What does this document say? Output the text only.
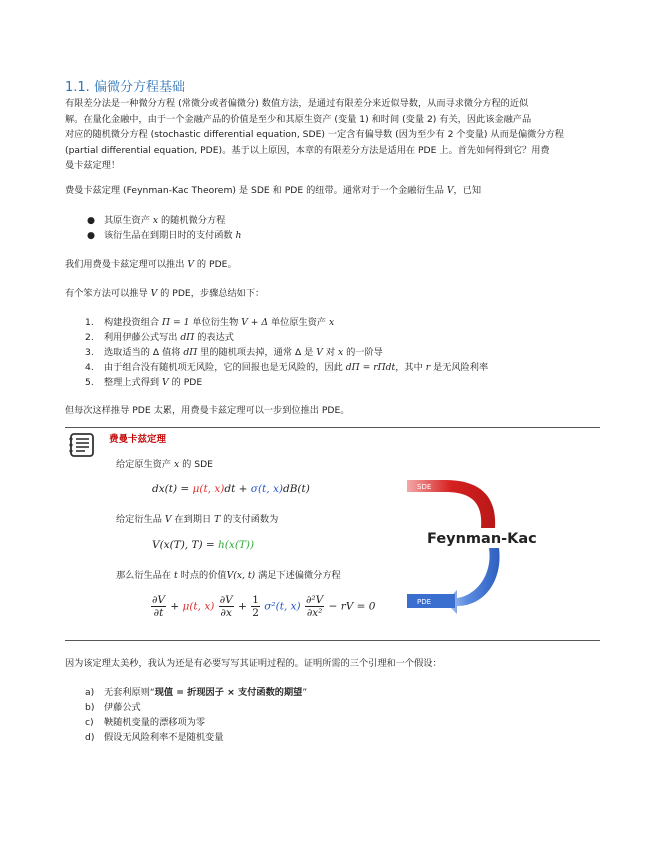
1.1. 偏微分方程基础
有限差分法是一种微分方程 (常微分或者偏微分) 数值方法，是通过有限差分来近似导数，从而寻求微分方程的近似
解。在量化金融中，由于一个金融产品的价值是至少和其原生资产 (变量 1) 和时间 (变量 2) 有关，因此该金融产品
对应的随机微分方程 (stochastic differential equation, SDE) 一定含有偏导数 (因为至少有 2 个变量) 从而是偏微分方程
(partial differential equation, PDE)。基于以上原因，本章的有限差分方法是适用在 PDE 上。首先如何得到它？用费
曼卡兹定理！
费曼卡兹定理 (Feynman-Kac Theorem) 是 SDE 和 PDE 的纽带。通常对于一个金融衍生品 V，已知
● 其原生资产 x 的随机微分方程
● 该衍生品在到期日时的支付函数 h
我们用费曼卡兹定理可以推出 V 的 PDE。
有个笨方法可以推导 V 的 PDE，步骤总结如下：
1. 构建投资组合 Π = 1 单位衍生物 V + Δ 单位原生资产 x
2. 利用伊藤公式写出 dΠ 的表达式
3. 选取适当的 Δ 值将 dΠ 里的随机项去掉，通常 Δ 是 V 对 x 的一阶导
4. 由于组合没有随机项无风险，它的回报也是无风险的，因此 dΠ = rΠdt，其中 r 是无风险利率
5. 整理上式得到 V 的 PDE
但每次这样推导 PDE 太累，用费曼卡兹定理可以一步到位推出 PDE。
费曼卡兹定理
给定原生资产 x 的 SDE
dx(t) = μ(t, x)dt + σ(t, x)dB(t)
给定衍生品 V 在到期日 T 的支付函数为
V(x(T), T) = h(x(T))
那么衍生品在 t 时点的价值V(x, t) 满足下述偏微分方程
$\frac{\partial V}{\partial t} + \mu(t$, $x) \frac{\partial V}{\partial x} + \frac{1}{2} \sigma^2(t$, $x) \frac{\text{∂²V}}{\text{∂x²}}$ − rV = 0
SDE
PDE
Feynman-Kac
因为该定理太美秒，我认为还是有必要写写其证明过程的。证明所需的三个引理和一个假设：
a) 无套利原则“现值 = 折现因子 × 支付函数的期望”
b) 伊藤公式
c) 鞅随机变量的漂移项为零
d) 假设无风险利率不是随机变量
